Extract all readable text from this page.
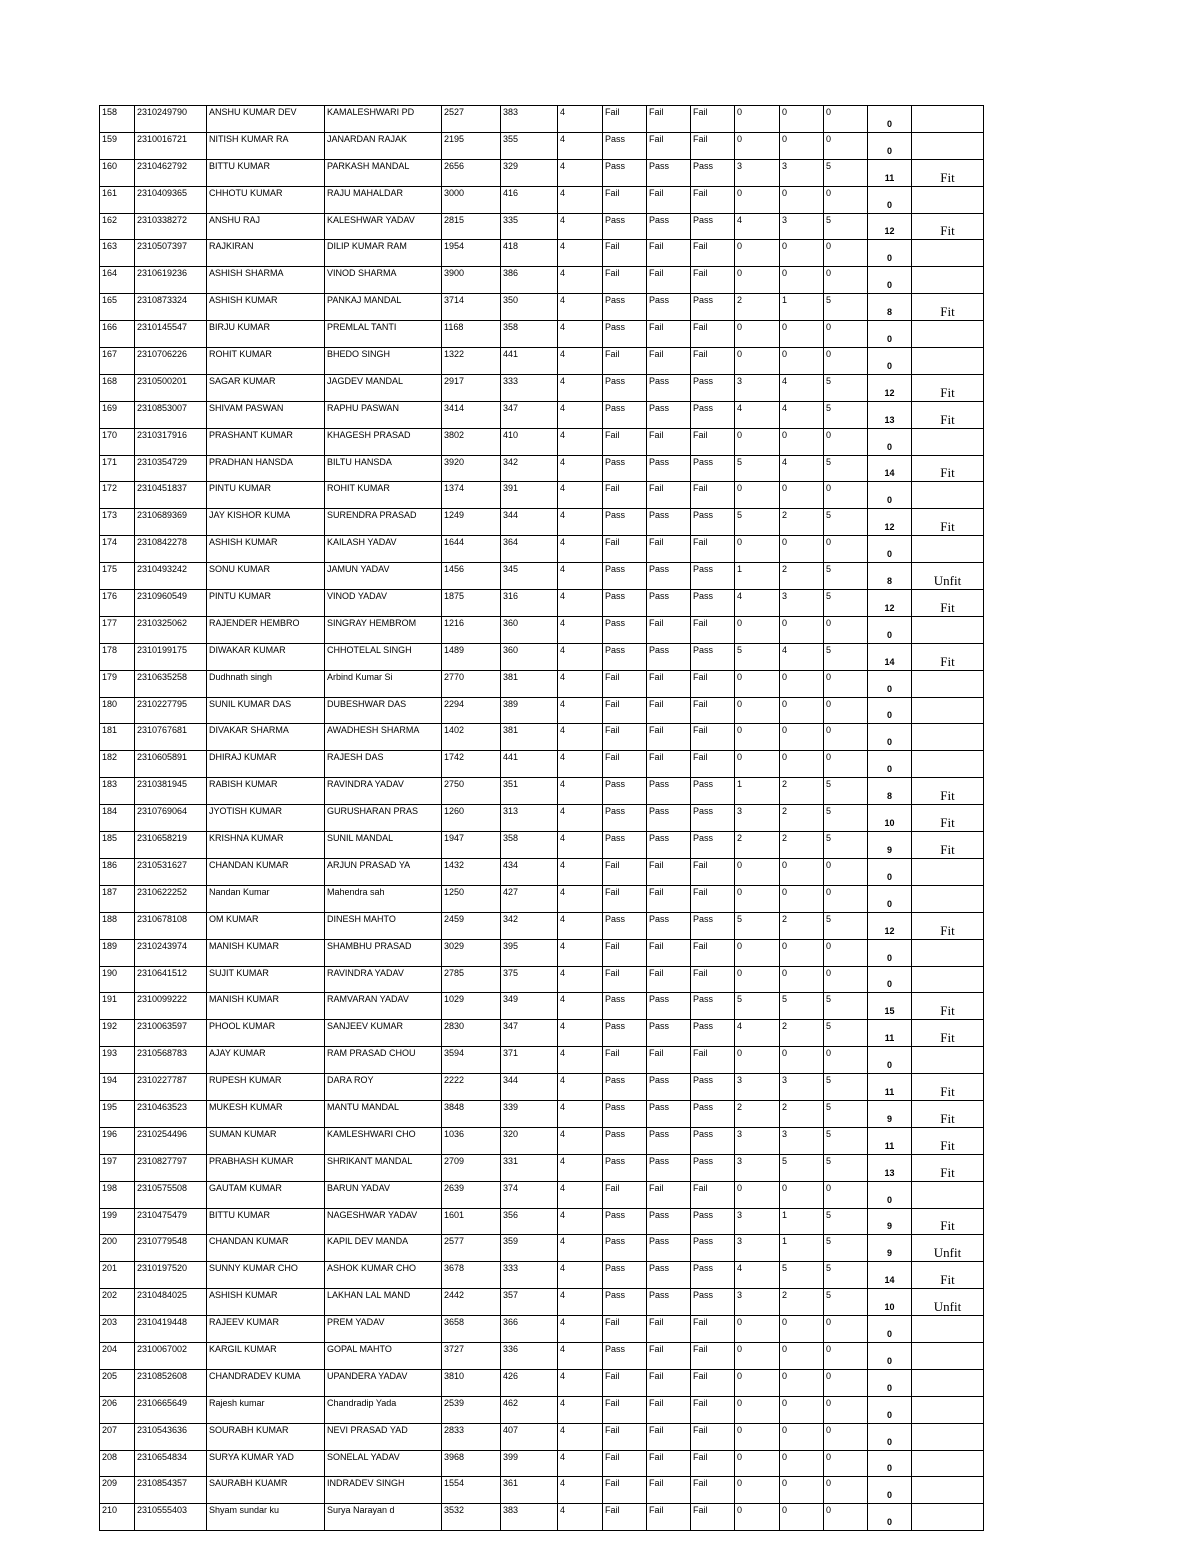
158	2310249790	ANSHU KUMAR DEV	KAMALESHWARI PD	2527	383	4	Fail	Fail	Fail	0	0	0	0	
159	2310016721	NITISH KUMAR RA	JANARDAN RAJAK	2195	355	4	Pass	Fail	Fail	0	0	0	0	
160	2310462792	BITTU KUMAR	PARKASH MANDAL	2656	329	4	Pass	Pass	Pass	3	3	5	11	Fit
161	2310409365	CHHOTU KUMAR	RAJU MAHALDAR	3000	416	4	Fail	Fail	Fail	0	0	0	0	
162	2310338272	ANSHU RAJ	KALESHWAR YADAV	2815	335	4	Pass	Pass	Pass	4	3	5	12	Fit
163	2310507397	RAJKIRAN	DILIP KUMAR RAM	1954	418	4	Fail	Fail	Fail	0	0	0	0	
164	2310619236	ASHISH SHARMA	VINOD SHARMA	3900	386	4	Fail	Fail	Fail	0	0	0	0	
165	2310873324	ASHISH KUMAR	PANKAJ MANDAL	3714	350	4	Pass	Pass	Pass	2	1	5	8	Fit
166	2310145547	BIRJU KUMAR	PREMLAL TANTI	1168	358	4	Pass	Fail	Fail	0	0	0	0	
167	2310706226	ROHIT KUMAR	BHEDO SINGH	1322	441	4	Fail	Fail	Fail	0	0	0	0	
168	2310500201	SAGAR KUMAR	JAGDEV MANDAL	2917	333	4	Pass	Pass	Pass	3	4	5	12	Fit
169	2310853007	SHIVAM PASWAN	RAPHU PASWAN	3414	347	4	Pass	Pass	Pass	4	4	5	13	Fit
170	2310317916	PRASHANT KUMAR	KHAGESH PRASAD	3802	410	4	Fail	Fail	Fail	0	0	0	0	
171	2310354729	PRADHAN HANSDA	BILTU HANSDA	3920	342	4	Pass	Pass	Pass	5	4	5	14	Fit
172	2310451837	PINTU KUMAR	ROHIT KUMAR	1374	391	4	Fail	Fail	Fail	0	0	0	0	
173	2310689369	JAY KISHOR KUMA	SURENDRA PRASAD	1249	344	4	Pass	Pass	Pass	5	2	5	12	Fit
174	2310842278	ASHISH KUMAR	KAILASH YADAV	1644	364	4	Fail	Fail	Fail	0	0	0	0	
175	2310493242	SONU KUMAR	JAMUN YADAV	1456	345	4	Pass	Pass	Pass	1	2	5	8	Unfit
176	2310960549	PINTU KUMAR	VINOD YADAV	1875	316	4	Pass	Pass	Pass	4	3	5	12	Fit
177	2310325062	RAJENDER HEMBRO	SINGRAY HEMBROM	1216	360	4	Pass	Fail	Fail	0	0	0	0	
178	2310199175	DIWAKAR KUMAR	CHHOTELAL SINGH	1489	360	4	Pass	Pass	Pass	5	4	5	14	Fit
179	2310635258	Dudhnath singh	Arbind Kumar Si	2770	381	4	Fail	Fail	Fail	0	0	0	0	
180	2310227795	SUNIL KUMAR DAS	DUBESHWAR DAS	2294	389	4	Fail	Fail	Fail	0	0	0	0	
181	2310767681	DIVAKAR SHARMA	AWADHESH SHARMA	1402	381	4	Fail	Fail	Fail	0	0	0	0	
182	2310605891	DHIRAJ KUMAR	RAJESH DAS	1742	441	4	Fail	Fail	Fail	0	0	0	0	
183	2310381945	RABISH KUMAR	RAVINDRA YADAV	2750	351	4	Pass	Pass	Pass	1	2	5	8	Fit
184	2310769064	JYOTISH KUMAR	GURUSHARAN PRAS	1260	313	4	Pass	Pass	Pass	3	2	5	10	Fit
185	2310658219	KRISHNA KUMAR	SUNIL MANDAL	1947	358	4	Pass	Pass	Pass	2	2	5	9	Fit
186	2310531627	CHANDAN KUMAR	ARJUN PRASAD YA	1432	434	4	Fail	Fail	Fail	0	0	0	0	
187	2310622252	Nandan Kumar	Mahendra sah	1250	427	4	Fail	Fail	Fail	0	0	0	0	
188	2310678108	OM KUMAR	DINESH MAHTO	2459	342	4	Pass	Pass	Pass	5	2	5	12	Fit
189	2310243974	MANISH KUMAR	SHAMBHU PRASAD	3029	395	4	Fail	Fail	Fail	0	0	0	0	
190	2310641512	SUJIT KUMAR	RAVINDRA YADAV	2785	375	4	Fail	Fail	Fail	0	0	0	0	
191	2310099222	MANISH KUMAR	RAMVARAN YADAV	1029	349	4	Pass	Pass	Pass	5	5	5	15	Fit
192	2310063597	PHOOL KUMAR	SANJEEV KUMAR	2830	347	4	Pass	Pass	Pass	4	2	5	11	Fit
193	2310568783	AJAY KUMAR	RAM PRASAD CHOU	3594	371	4	Fail	Fail	Fail	0	0	0	0	
194	2310227787	RUPESH KUMAR	DARA ROY	2222	344	4	Pass	Pass	Pass	3	3	5	11	Fit
195	2310463523	MUKESH KUMAR	MANTU MANDAL	3848	339	4	Pass	Pass	Pass	2	2	5	9	Fit
196	2310254496	SUMAN KUMAR	KAMLESHWARI CHO	1036	320	4	Pass	Pass	Pass	3	3	5	11	Fit
197	2310827797	PRABHASH KUMAR	SHRIKANT MANDAL	2709	331	4	Pass	Pass	Pass	3	5	5	13	Fit
198	2310575508	GAUTAM KUMAR	BARUN YADAV	2639	374	4	Fail	Fail	Fail	0	0	0	0	
199	2310475479	BITTU KUMAR	NAGESHWAR YADAV	1601	356	4	Pass	Pass	Pass	3	1	5	9	Fit
200	2310779548	CHANDAN KUMAR	KAPIL DEV MANDA	2577	359	4	Pass	Pass	Pass	3	1	5	9	Unfit
201	2310197520	SUNNY KUMAR CHO	ASHOK KUMAR CHO	3678	333	4	Pass	Pass	Pass	4	5	5	14	Fit
202	2310484025	ASHISH KUMAR	LAKHAN LAL MAND	2442	357	4	Pass	Pass	Pass	3	2	5	10	Unfit
203	2310419448	RAJEEV KUMAR	PREM YADAV	3658	366	4	Fail	Fail	Fail	0	0	0	0	
204	2310067002	KARGIL KUMAR	GOPAL MAHTO	3727	336	4	Pass	Fail	Fail	0	0	0	0	
205	2310852608	CHANDRADEV KUMA	UPANDERA YADAV	3810	426	4	Fail	Fail	Fail	0	0	0	0	
206	2310665649	Rajesh kumar	Chandradip Yada	2539	462	4	Fail	Fail	Fail	0	0	0	0	
207	2310543636	SOURABH KUMAR	NEVI PRASAD YAD	2833	407	4	Fail	Fail	Fail	0	0	0	0	
208	2310654834	SURYA KUMAR YAD	SONELAL YADAV	3968	399	4	Fail	Fail	Fail	0	0	0	0	
209	2310854357	SAURABH KUAMR	INDRADEV SINGH	1554	361	4	Fail	Fail	Fail	0	0	0	0	
210	2310555403	Shyam sundar ku	Surya Narayan d	3532	383	4	Fail	Fail	Fail	0	0	0	0	
